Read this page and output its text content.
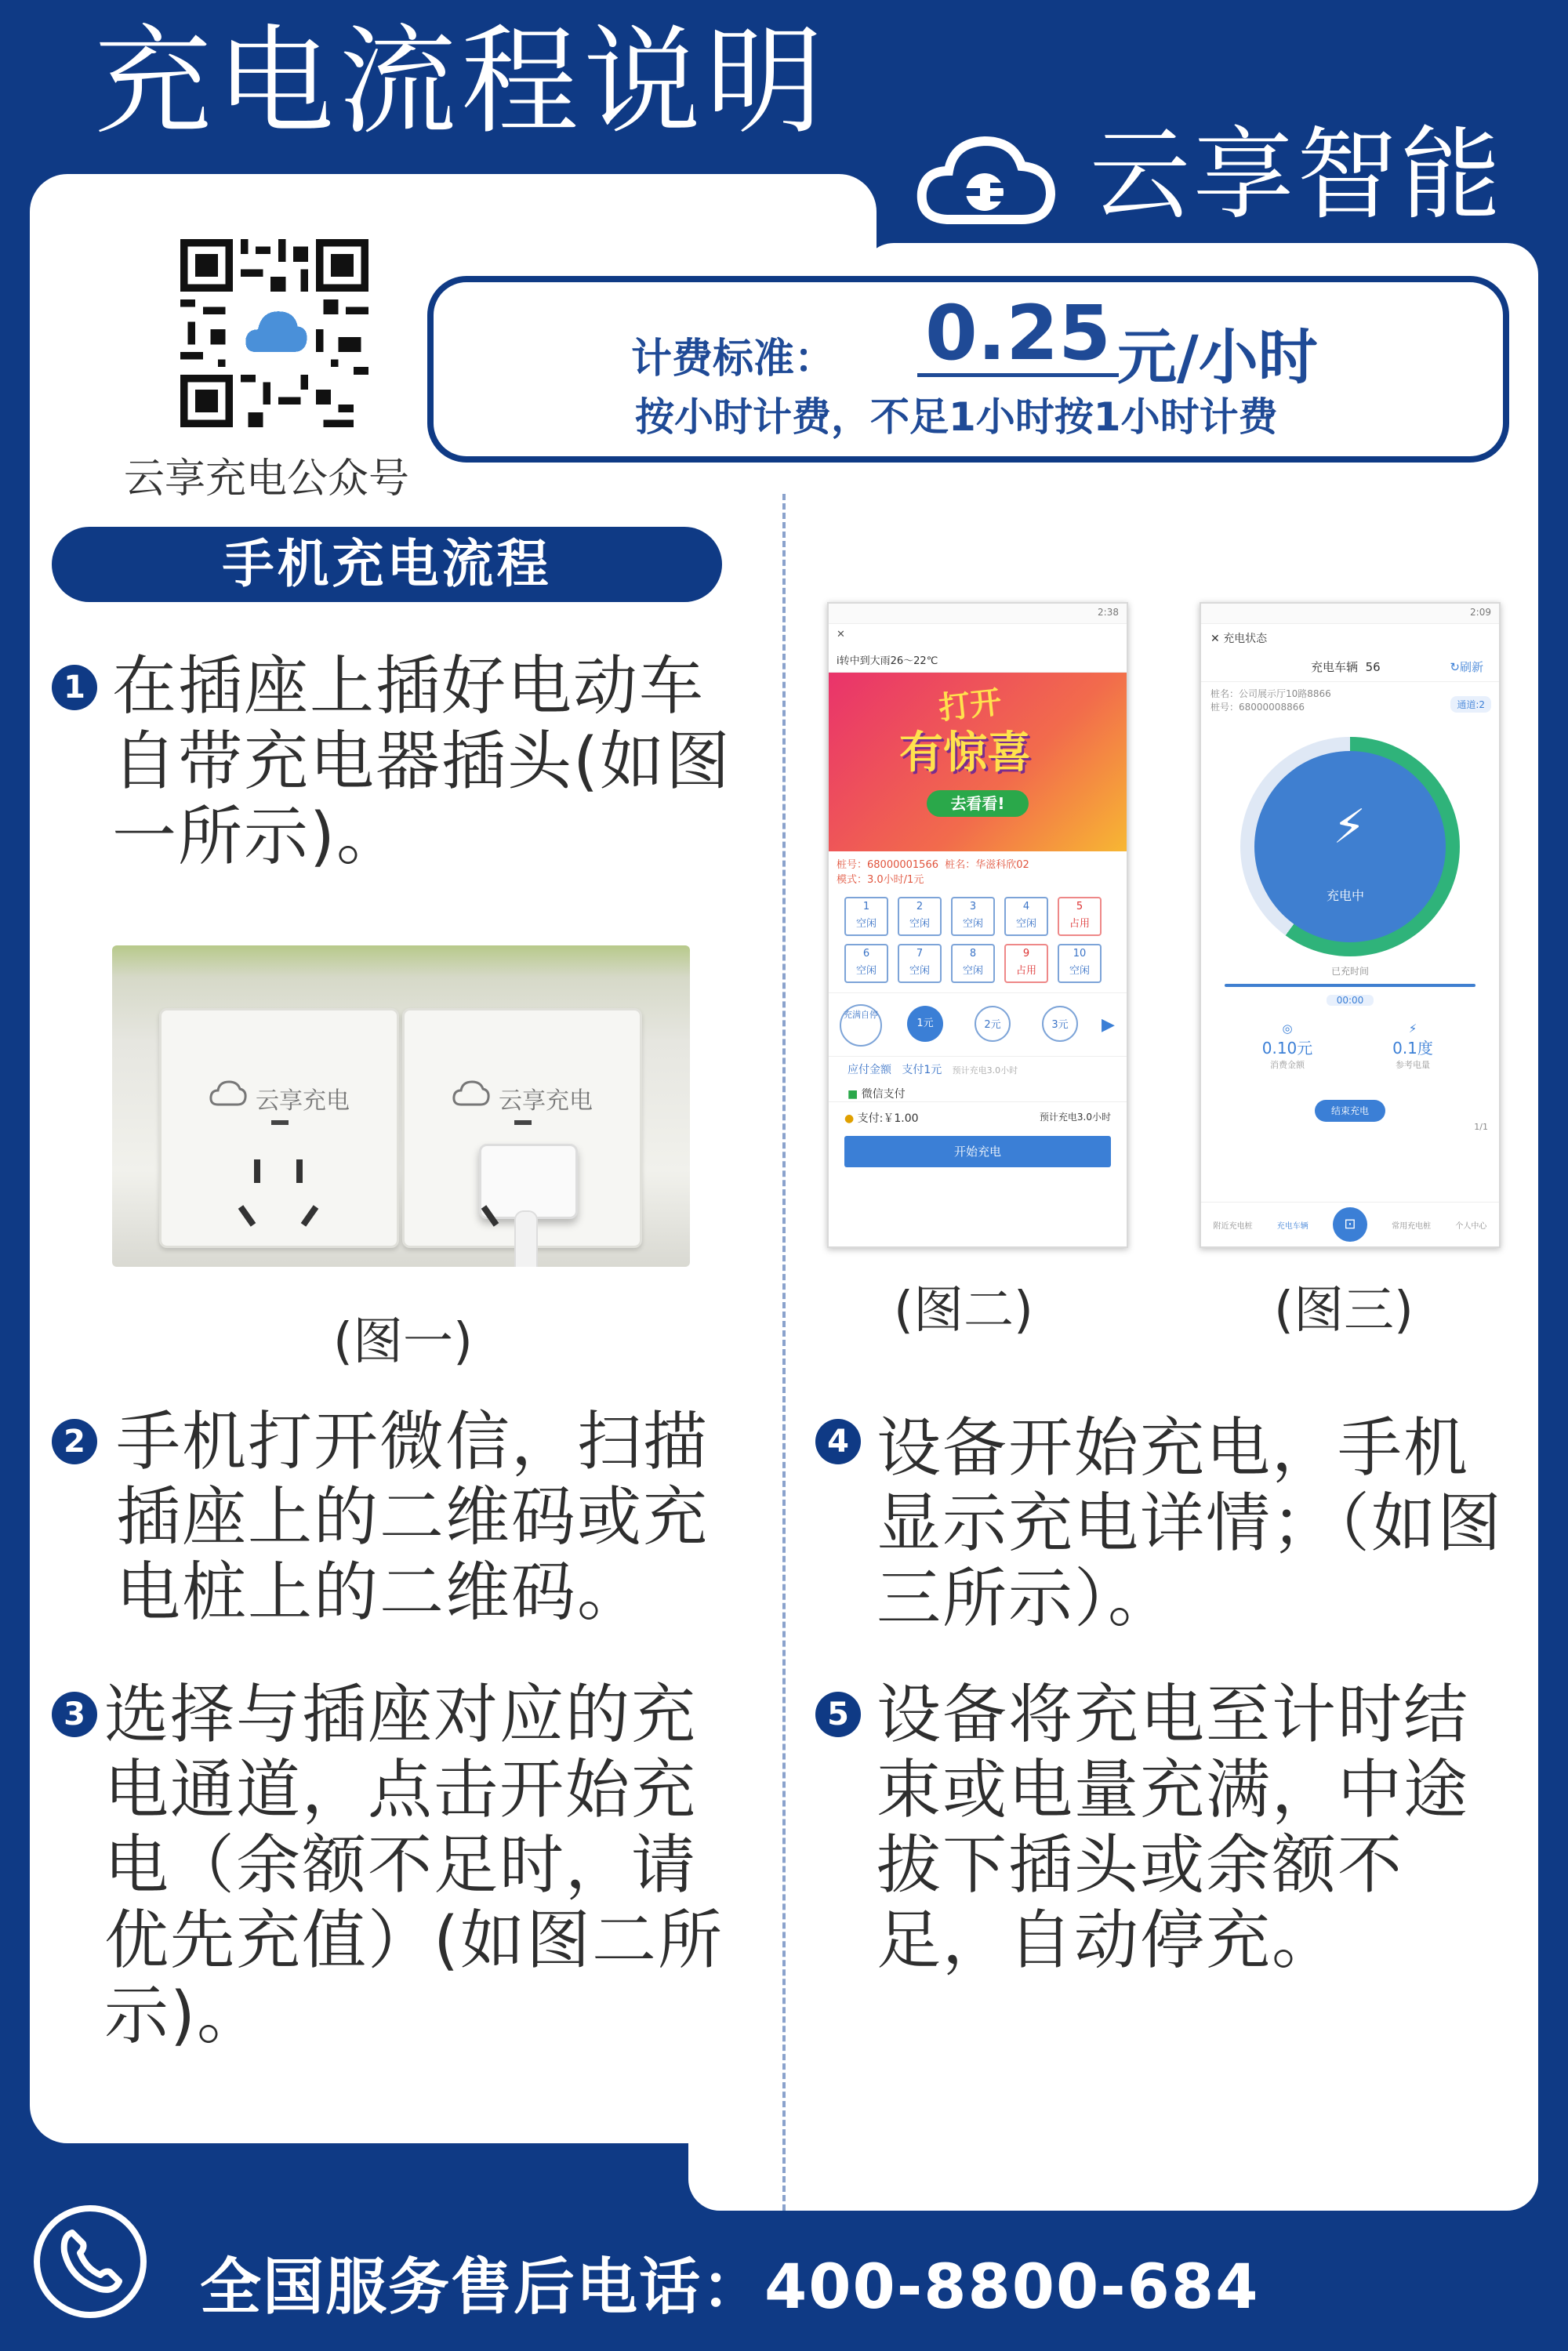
充电流程说明
云享智能
云享充电公众号
计费标准： 0.25 元/小时
按小时计费，不足1小时按1小时计费
手机充电流程
1 在插座上插好电动车自带充电器插头(如图一所示)。
云享充电	云享充电
(图一)
2 手机打开微信，扫描插座上的二维码或充电桩上的二维码。
3 选择与插座对应的充电通道，点击开始充电（余额不足时，请优先充值）(如图二所示)。
2:38
✕
i转中到大雨26～22℃
打开
有惊喜
去看看!
桩号：68000001566 桩名：华滋科欣02
模式：3.0小时/1元
1
空闲
2
空闲
3
空闲
4
空闲
5
占用
6
空闲
7
空闲
8
空闲
9
占用
10
空闲
充满自停
1元	2元	3元	▶
应付金额 支付1元 预计充电3.0小时
■ 微信支付
● 支付:￥1.00	预计充电3.0小时
开始充电
2:09
✕ 充电状态
充电车辆 56	↻刷新
桩名：公司展示厅10路8866
桩号：68000008866	通道:2
⚡
充电中
已充时间
00:00
◎
0.10元
消费金额
⚡
0.1度
参考电量
结束充电
1/1
附近充电桩	充电车辆	⊡	常用充电桩	个人中心
(图二)	(图三)
4 设备开始充电，手机显示充电详情；（如图三所示）。
5 设备将充电至计时结束或电量充满，中途拔下插头或余额不足，自动停充。
全国服务售后电话：400-8800-684
